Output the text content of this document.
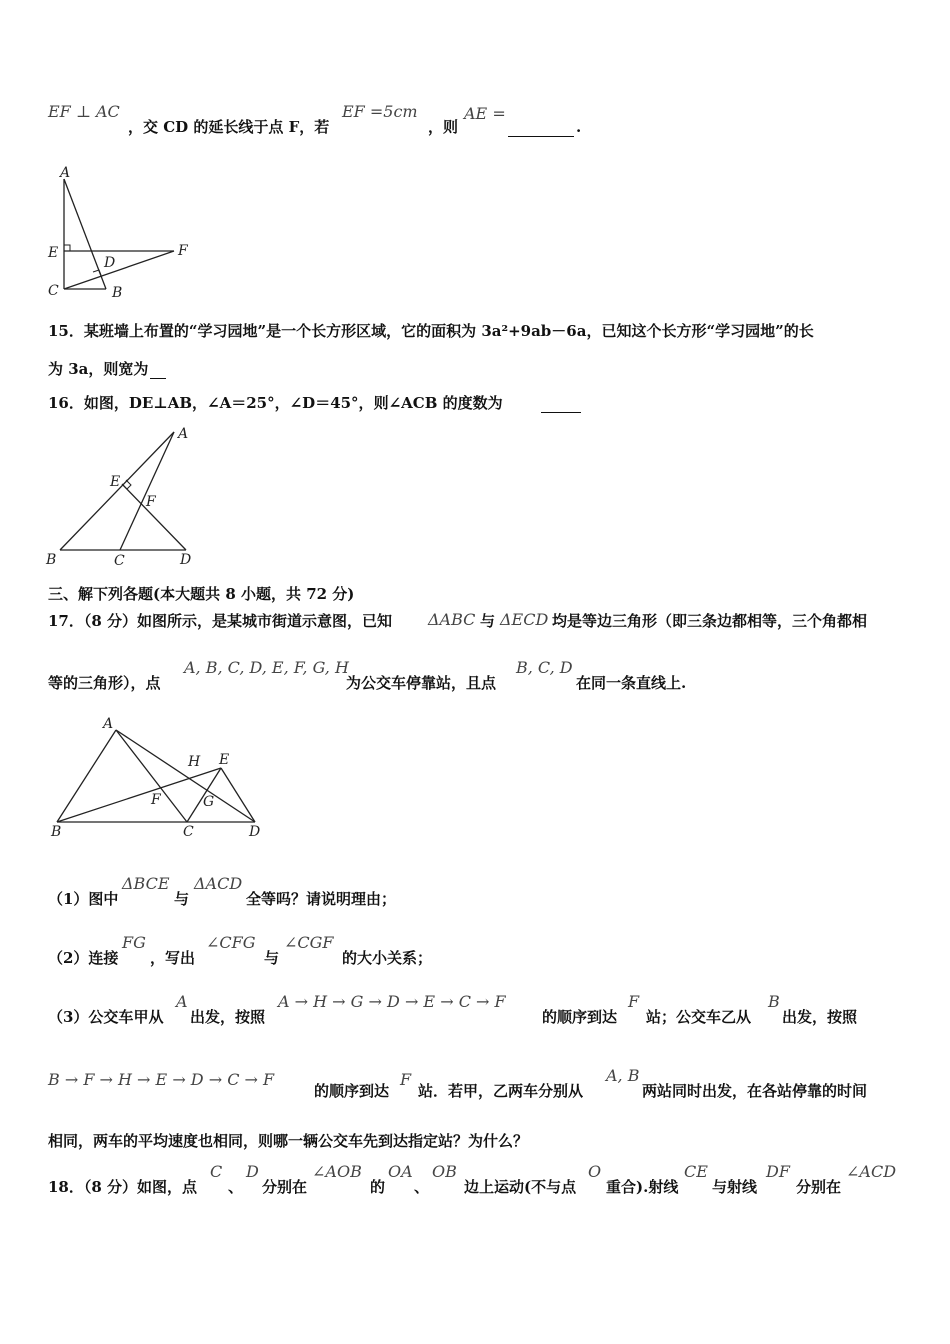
EF ⊥ AC
，交 CD 的延长线于点 F，若
EF =5cm
，则
AE =

.
A
E
D
F
C	B
15．某班墙上布置的“学习园地”是一个长方形区域，它的面积为 3a²+9ab－6a，已知这个长方形“学习园地”的长
为 3a，则宽为

16．如图，DE⊥AB，∠A＝25°，∠D＝45°，则∠ACB 的度数为

A
E
F
B	C	D
三、解下列各题(本大题共 8 小题，共 72 分)
17．（8 分）如图所示，是某城市街道示意图，已知 ΔABC 与 ΔECD 均是等边三角形（即三条边都相等，三个角都相
等的三角形），点
A, B, C, D, E, F, G, H
为公交车停靠站，且点
B, C, D
在同一条直线上.
A
H E
F	G
B	C	D
（1）图中
ΔBCE
与
ΔACD
全等吗？请说明理由；
（2）连接
FG
，写出
∠CFG
与
∠CGF
的大小关系；
（3）公交车甲从
A
出发，按照
A → H → G → D → E → C → F
的顺序到达
F
站；公交车乙从
B
出发，按照
B → F → H → E → D → C → F
的顺序到达
F
站．若甲，乙两车分别从
A, B
两站同时出发，在各站停靠的时间
相同，两车的平均速度也相同，则哪一辆公交车先到达指定站？为什么？
18．（8 分）如图，点
C
、
D
分别在
∠AOB
的
OA
、
OB
边上运动(不与点
O
重合).射线
CE
与射线
DF
分别在
∠ACD
